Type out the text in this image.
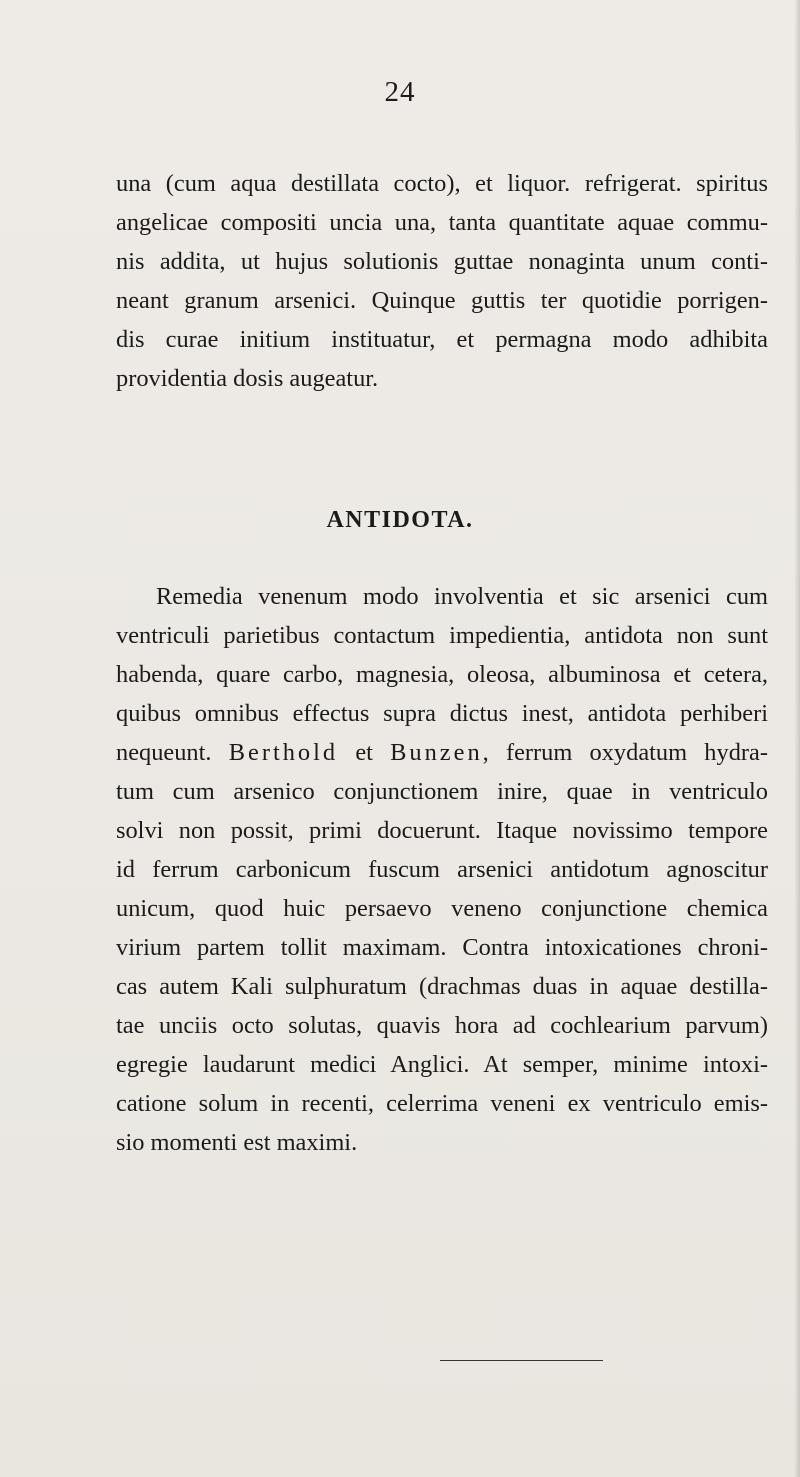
24

una (cum aqua destillata cocto), et liquor. refrigerat. spiritus
angelicae compositi uncia una, tanta quantitate aquae commu-
nis addita, ut hujus solutionis guttae nonaginta unum conti-
neant granum arsenici. Quinque guttis ter quotidie porrigen-
dis curae initium instituatur, et permagna modo adhibita
providentia dosis augeatur.

ANTIDOTA.

Remedia venenum modo involventia et sic arsenici cum
ventriculi parietibus contactum impedientia, antidota non sunt
habenda, quare carbo, magnesia, oleosa, albuminosa et cetera,
quibus omnibus effectus supra dictus inest, antidota perhiberi
nequeunt. Berthold et Bunzen, ferrum oxydatum hydra-
tum cum arsenico conjunctionem inire, quae in ventriculo
solvi non possit, primi docuerunt. Itaque novissimo tempore
id ferrum carbonicum fuscum arsenici antidotum agnoscitur
unicum, quod huic persaevo veneno conjunctione chemica
virium partem tollit maximam. Contra intoxicationes chroni-
cas autem Kali sulphuratum (drachmas duas in aquae destilla-
tae unciis octo solutas, quavis hora ad cochlearium parvum)
egregie laudarunt medici Anglici. At semper, minime intoxi-
catione solum in recenti, celerrima veneni ex ventriculo emis-
sio momenti est maximi.
